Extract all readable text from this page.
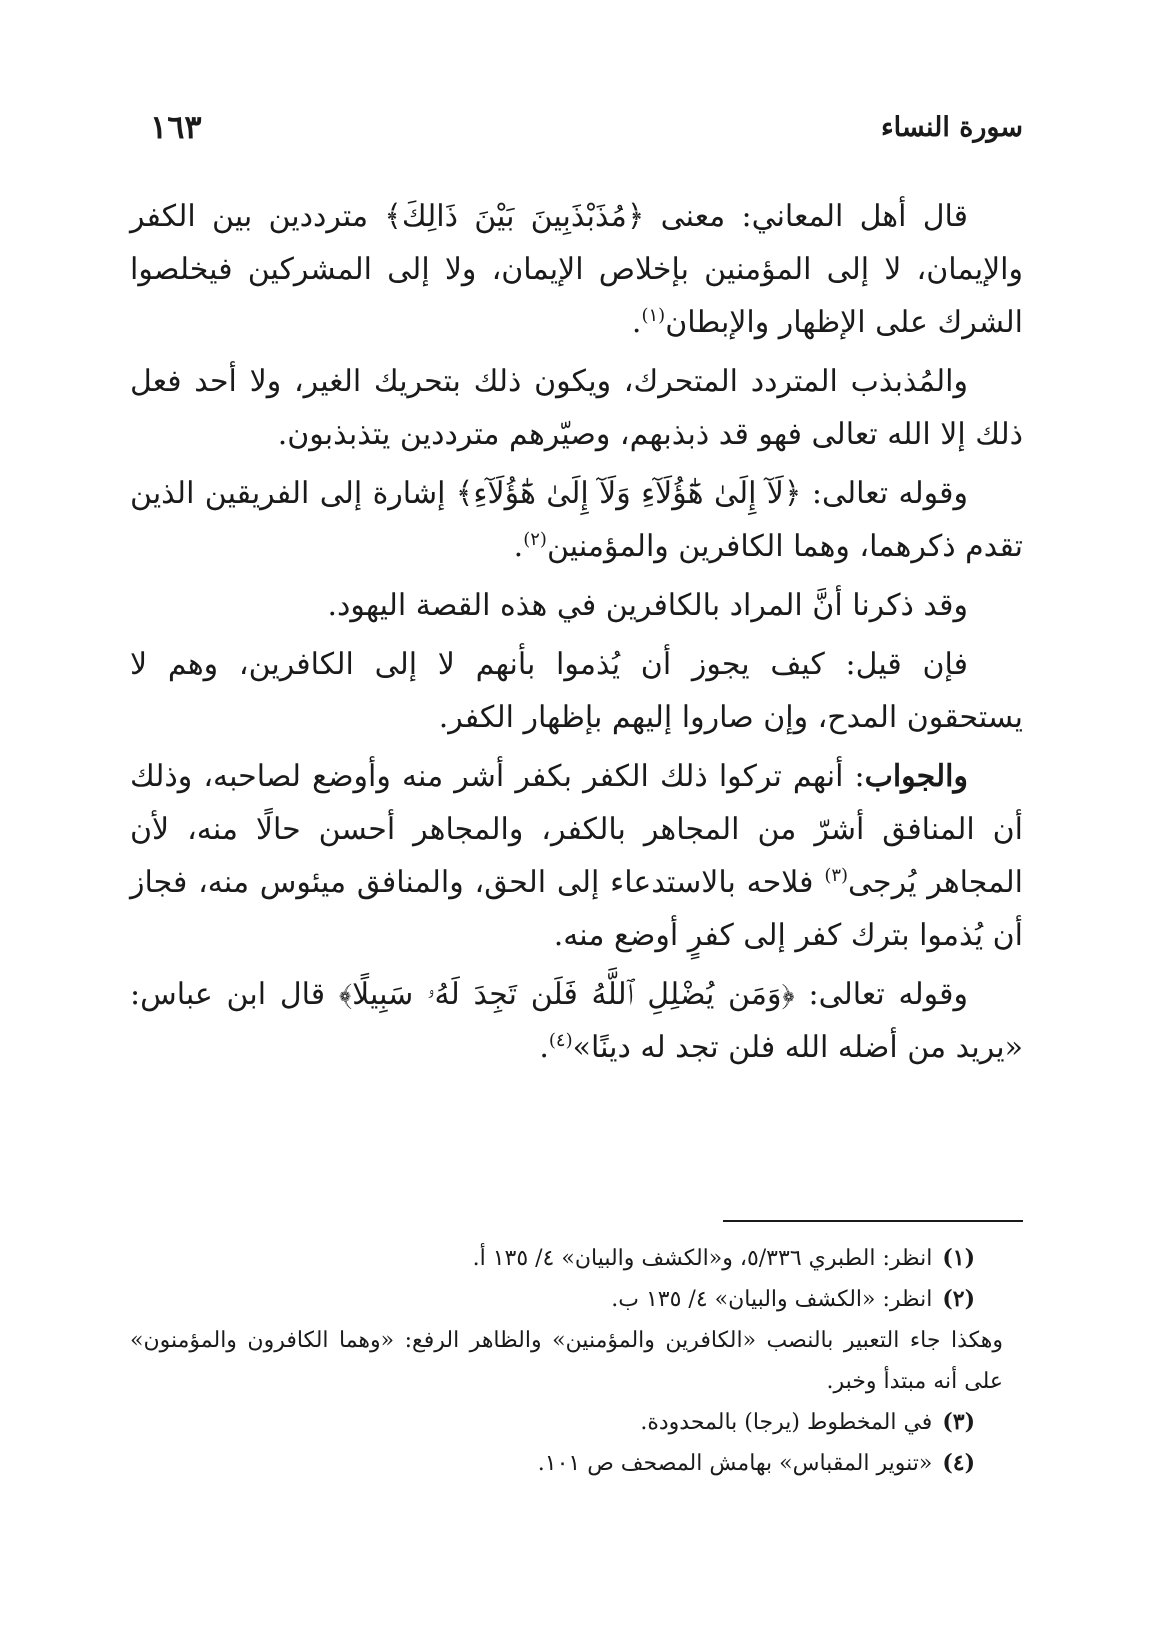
سورة النساء
١٦٣

قال أهل المعاني: معنى ﴿مُذَبْذَبِينَ بَيْنَ ذَالِكَ﴾ مترددين بين الكفر والإيمان، لا إلى المؤمنين بإخلاص الإيمان، ولا إلى المشركين فيخلصوا الشرك على الإظهار والإبطان$^{(١)}$.

والمُذبذب المتردد المتحرك، ويكون ذلك بتحريك الغير، ولا أحد فعل ذلك إلا الله تعالى فهو قد ذبذبهم، وصيّرهم مترددين يتذبذبون.

وقوله تعالى: ﴿لَآ إِلَىٰ هَٰٓؤُلَآءِ وَلَآ إِلَىٰ هَٰٓؤُلَآءِ﴾ إشارة إلى الفريقين الذين تقدم ذكرهما، وهما الكافرين والمؤمنين$^{(٢)}$.

وقد ذكرنا أنَّ المراد بالكافرين في هذه القصة اليهود.

فإن قيل: كيف يجوز أن يُذموا بأنهم لا إلى الكافرين، وهم لا يستحقون المدح، وإن صاروا إليهم بإظهار الكفر.

والجواب: أنهم تركوا ذلك الكفر بكفر أشر منه وأوضع لصاحبه، وذلك أن المنافق أشرّ من المجاهر بالكفر، والمجاهر أحسن حالًا منه، لأن المجاهر يُرجى$^{(٣)}$ فلاحه بالاستدعاء إلى الحق، والمنافق ميئوس منه، فجاز أن يُذموا بترك كفر إلى كفرٍ أوضع منه.

وقوله تعالى: ﴿وَمَن يُضْلِلِ ٱللَّهُ فَلَن تَجِدَ لَهُۥ سَبِيلًا﴾ قال ابن عباس: «يريد من أضله الله فلن تجد له دينًا»$^{(٤)}$.

(١)انظر: الطبري ٥/٣٣٦، و«الكشف والبيان» ٤/ ١٣٥ أ.

(٢)انظر: «الكشف والبيان» ٤/ ١٣٥ ب.

وهكذا جاء التعبير بالنصب «الكافرين والمؤمنين» والظاهر الرفع: «وهما الكافرون والمؤمنون» على أنه مبتدأ وخبر.

(٣)في المخطوط (يرجا) بالمحدودة.

(٤)«تنوير المقباس» بهامش المصحف ص ١٠١.
